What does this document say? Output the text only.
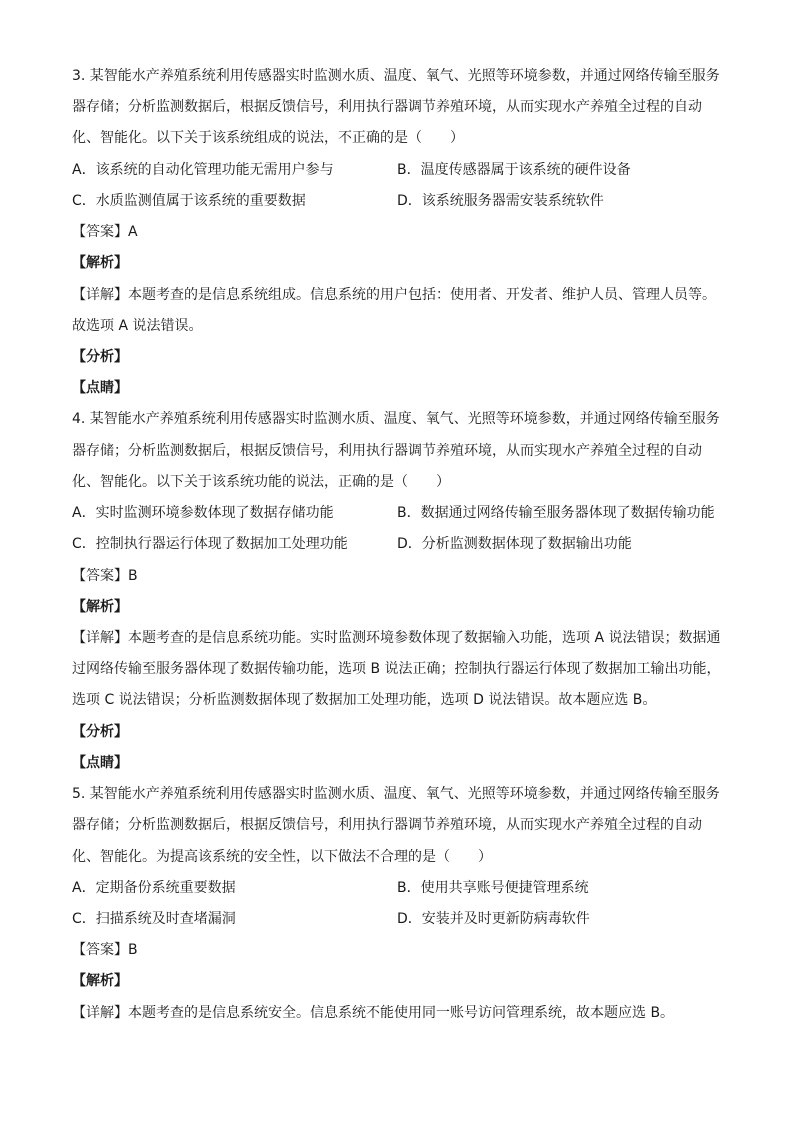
3. 某智能水产养殖系统利用传感器实时监测水质、温度、氧气、光照等环境参数，并通过网络传输至服务
器存储；分析监测数据后，根据反馈信号，利用执行器调节养殖环境，从而实现水产养殖全过程的自动
化、智能化。以下关于该系统组成的说法，不正确的是（　　）
A．该系统的自动化管理功能无需用户参与	B．温度传感器属于该系统的硬件设备
C．水质监测值属于该系统的重要数据	D．该系统服务器需安装系统软件
【答案】A
【解析】
【详解】本题考查的是信息系统组成。信息系统的用户包括：使用者、开发者、维护人员、管理人员等。
故选项 A 说法错误。
【分析】
【点睛】
4. 某智能水产养殖系统利用传感器实时监测水质、温度、氧气、光照等环境参数，并通过网络传输至服务
器存储；分析监测数据后，根据反馈信号，利用执行器调节养殖环境，从而实现水产养殖全过程的自动
化、智能化。以下关于该系统功能的说法，正确的是（　　）
A．实时监测环境参数体现了数据存储功能	B．数据通过网络传输至服务器体现了数据传输功能
C．控制执行器运行体现了数据加工处理功能	D．分析监测数据体现了数据输出功能
【答案】B
【解析】
【详解】本题考查的是信息系统功能。实时监测环境参数体现了数据输入功能，选项 A 说法错误；数据通
过网络传输至服务器体现了数据传输功能，选项 B 说法正确；控制执行器运行体现了数据加工输出功能，
选项 C 说法错误；分析监测数据体现了数据加工处理功能，选项 D 说法错误。故本题应选 B。
【分析】
【点睛】
5. 某智能水产养殖系统利用传感器实时监测水质、温度、氧气、光照等环境参数，并通过网络传输至服务
器存储；分析监测数据后，根据反馈信号，利用执行器调节养殖环境，从而实现水产养殖全过程的自动
化、智能化。为提高该系统的安全性，以下做法不合理的是（　　）
A．定期备份系统重要数据	B．使用共享账号便捷管理系统
C．扫描系统及时查堵漏洞	D．安装并及时更新防病毒软件
【答案】B
【解析】
【详解】本题考查的是信息系统安全。信息系统不能使用同一账号访问管理系统，故本题应选 B。
